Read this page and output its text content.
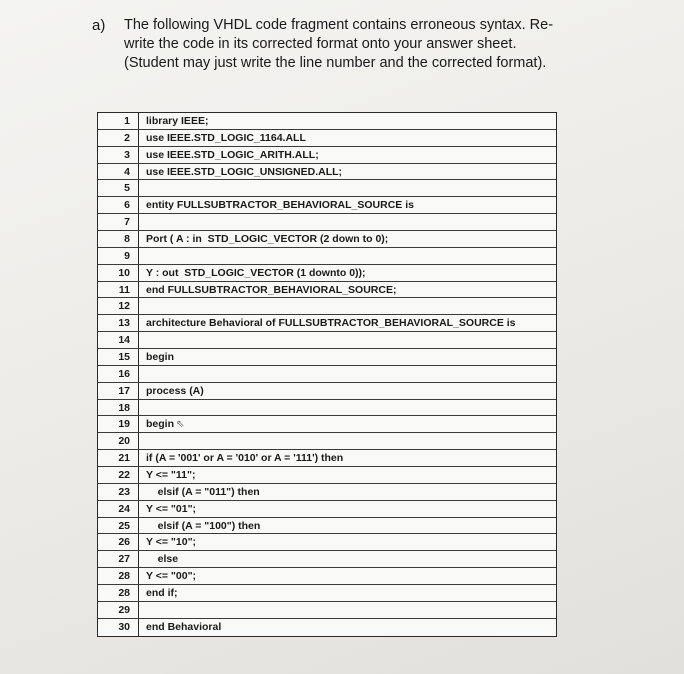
a) The following VHDL code fragment contains erroneous syntax. Re-
write the code in its corrected format onto your answer sheet.
(Student may just write the line number and the corrected format).
1	library IEEE;
2	use IEEE.STD_LOGIC_1164.ALL
3	use IEEE.STD_LOGIC_ARITH.ALL;
4	use IEEE.STD_LOGIC_UNSIGNED.ALL;
5
6	entity FULLSUBTRACTOR_BEHAVIORAL_SOURCE is
7
8	Port ( A : in  STD_LOGIC_VECTOR (2 down to 0);
9
10	Y : out  STD_LOGIC_VECTOR (1 downto 0));
11	end FULLSUBTRACTOR_BEHAVIORAL_SOURCE;
12
13	architecture Behavioral of FULLSUBTRACTOR_BEHAVIORAL_SOURCE is
14
15	begin
16
17	process (A)
18
19	begin ⇖
20
21	if (A = '001' or A = '010' or A = '111') then
22	Y <= "11";
23	elsif (A = "011") then
24	Y <= "01";
25	elsif (A = "100") then
26	Y <= "10";
27	else
28	Y <= "00";
28	end if;
29
30	end Behavioral
